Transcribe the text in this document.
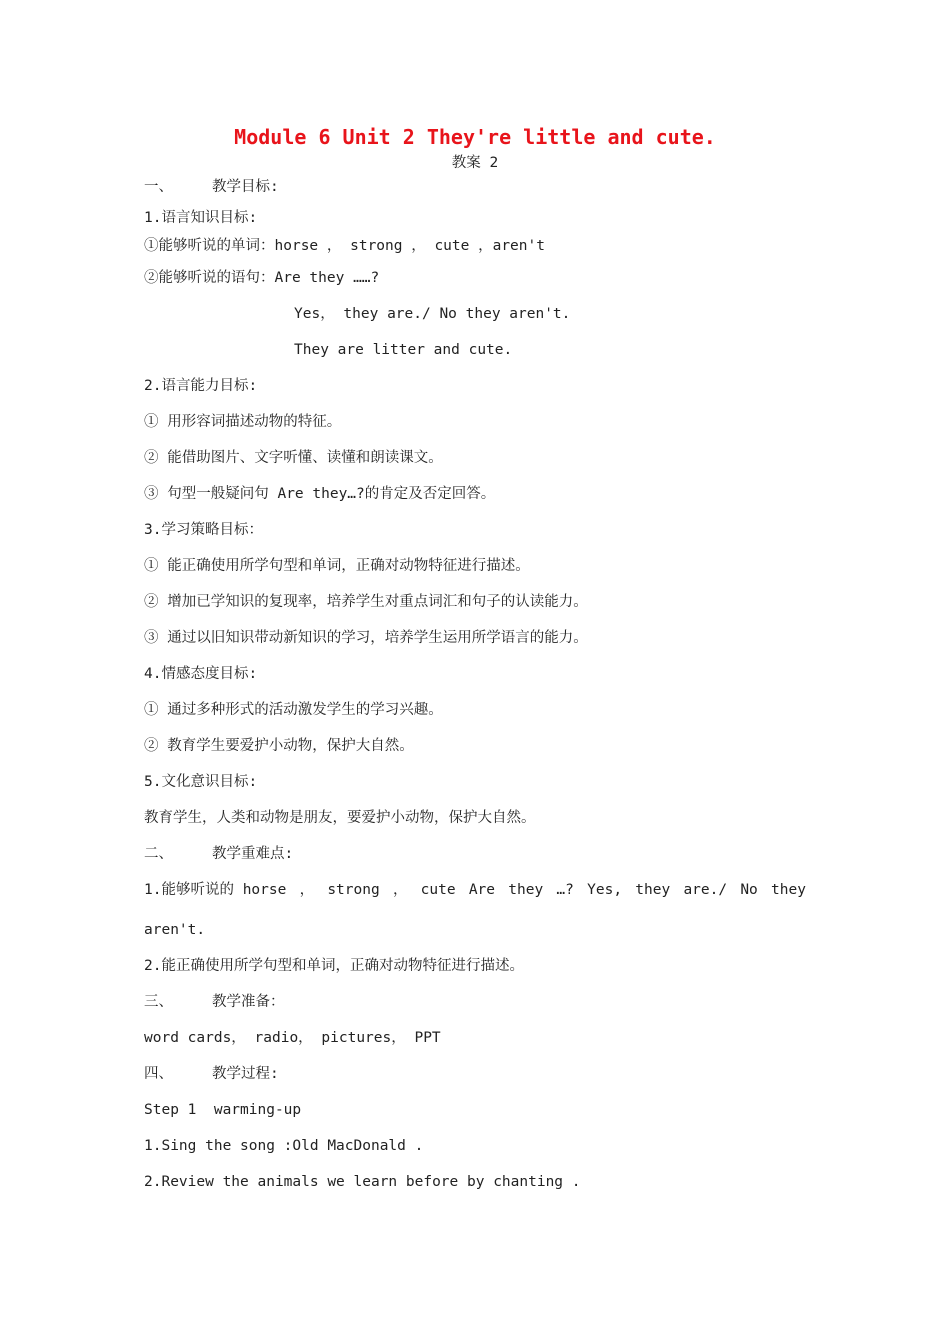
Module 6 Unit 2 They're little and cute.
教案 2
一、	教学目标:
1.语言知识目标:
①能够听说的单词：horse ， strong ， cute ，aren't
②能够听说的语句：Are they ……?
Yes， they are./ No they aren't.
They are litter and cute.
2.语言能力目标:
① 用形容词描述动物的特征。
② 能借助图片、文字听懂、读懂和朗读课文。
③ 句型一般疑问句 Are they…?的肯定及否定回答。
3.学习策略目标：
① 能正确使用所学句型和单词，正确对动物特征进行描述。
② 增加已学知识的复现率，培养学生对重点词汇和句子的认读能力。
③ 通过以旧知识带动新知识的学习，培养学生运用所学语言的能力。
4.情感态度目标:
① 通过多种形式的活动激发学生的学习兴趣。
② 教育学生要爱护小动物，保护大自然。
5.文化意识目标:
教育学生，人类和动物是朋友，要爱护小动物，保护大自然。
二、	教学重难点:
1.能够听说的 horse ， strong ， cute Are they …? Yes, they are./ No they
aren't.
2.能正确使用所学句型和单词，正确对动物特征进行描述。
三、	教学准备：
word cards， radio， pictures， PPT
四、	教学过程:
Step 1  warming-up
1.Sing the song :Old MacDonald .
2.Review the animals we learn before by chanting .
